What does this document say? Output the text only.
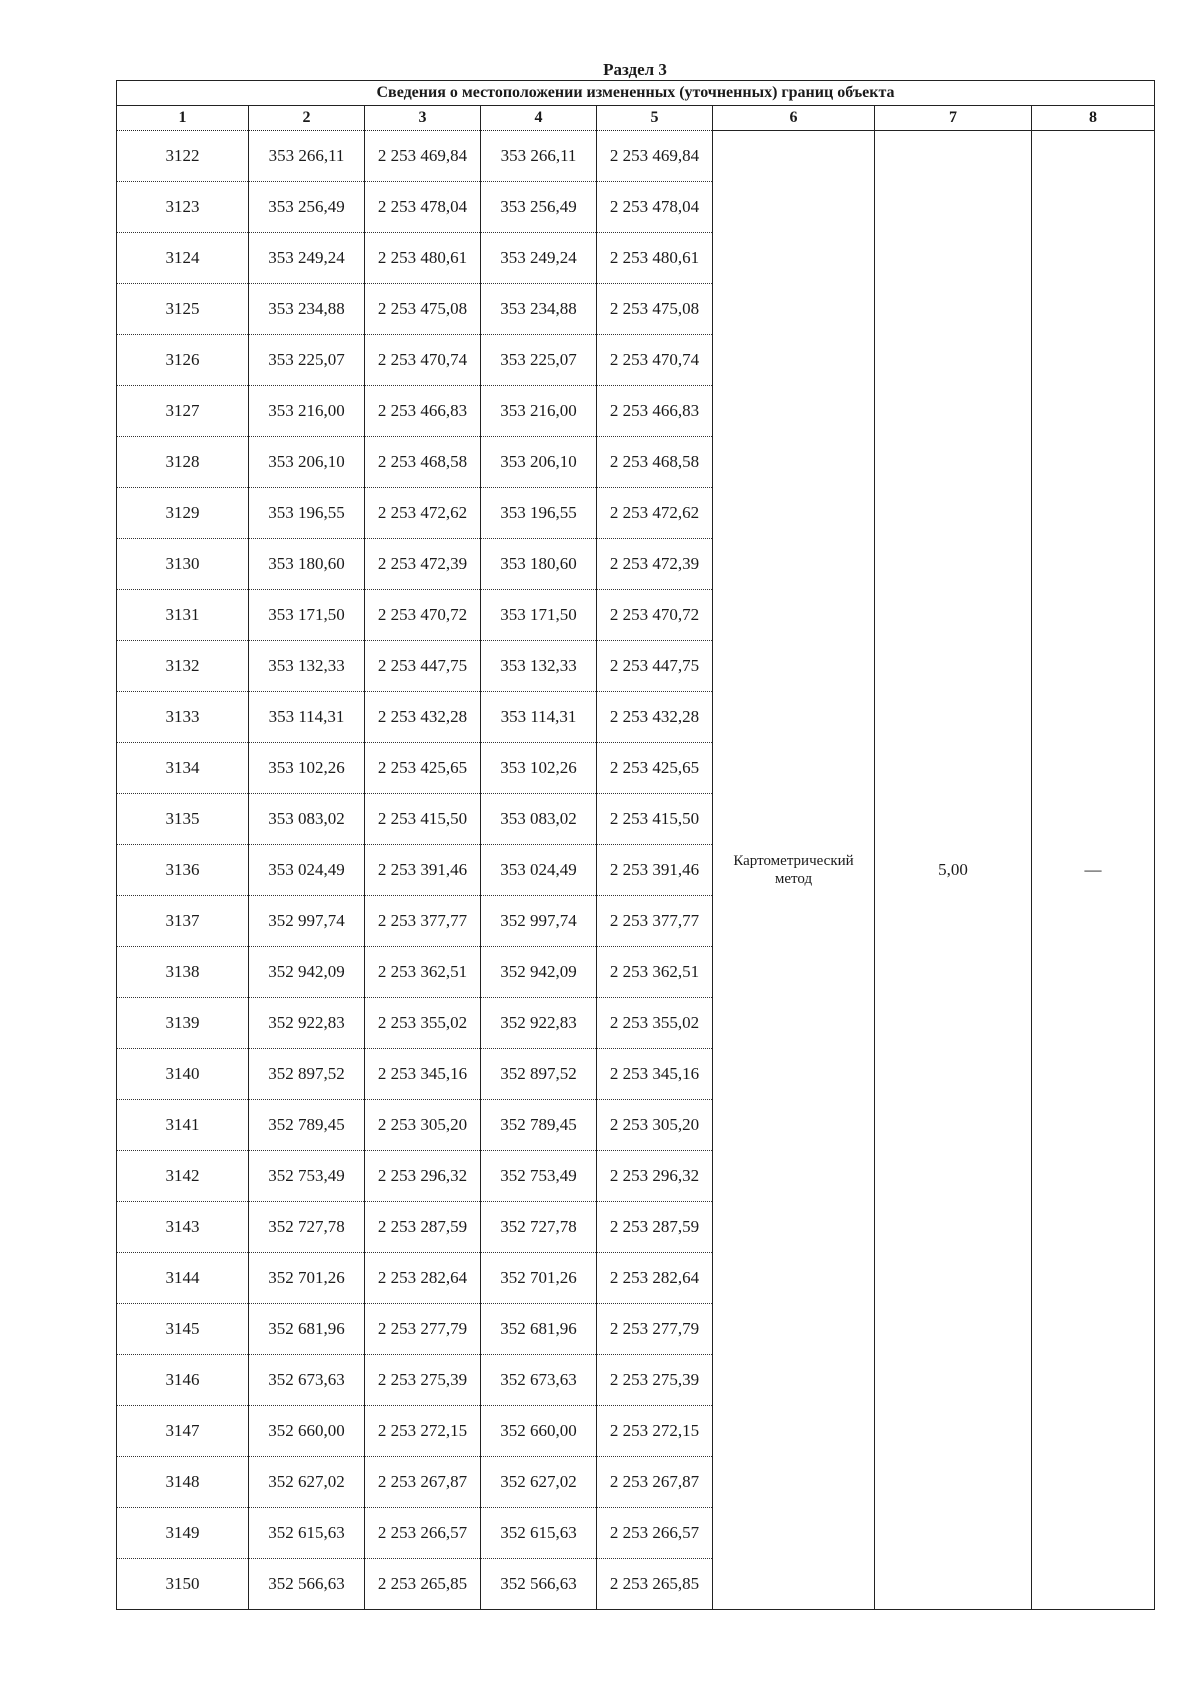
Раздел 3
Сведения о местоположении измененных (уточненных) границ объекта							
1	2	3	4	5	6	7	8
3122	353 266,11	2 253 469,84	353 266,11	2 253 469,84	Картометрический метод	5,00	—
3123	353 256,49	2 253 478,04	353 256,49	2 253 478,04			
3124	353 249,24	2 253 480,61	353 249,24	2 253 480,61			
3125	353 234,88	2 253 475,08	353 234,88	2 253 475,08			
3126	353 225,07	2 253 470,74	353 225,07	2 253 470,74			
3127	353 216,00	2 253 466,83	353 216,00	2 253 466,83			
3128	353 206,10	2 253 468,58	353 206,10	2 253 468,58			
3129	353 196,55	2 253 472,62	353 196,55	2 253 472,62			
3130	353 180,60	2 253 472,39	353 180,60	2 253 472,39			
3131	353 171,50	2 253 470,72	353 171,50	2 253 470,72			
3132	353 132,33	2 253 447,75	353 132,33	2 253 447,75			
3133	353 114,31	2 253 432,28	353 114,31	2 253 432,28			
3134	353 102,26	2 253 425,65	353 102,26	2 253 425,65			
3135	353 083,02	2 253 415,50	353 083,02	2 253 415,50			
3136	353 024,49	2 253 391,46	353 024,49	2 253 391,46			
3137	352 997,74	2 253 377,77	352 997,74	2 253 377,77			
3138	352 942,09	2 253 362,51	352 942,09	2 253 362,51			
3139	352 922,83	2 253 355,02	352 922,83	2 253 355,02			
3140	352 897,52	2 253 345,16	352 897,52	2 253 345,16			
3141	352 789,45	2 253 305,20	352 789,45	2 253 305,20			
3142	352 753,49	2 253 296,32	352 753,49	2 253 296,32			
3143	352 727,78	2 253 287,59	352 727,78	2 253 287,59			
3144	352 701,26	2 253 282,64	352 701,26	2 253 282,64			
3145	352 681,96	2 253 277,79	352 681,96	2 253 277,79			
3146	352 673,63	2 253 275,39	352 673,63	2 253 275,39			
3147	352 660,00	2 253 272,15	352 660,00	2 253 272,15			
3148	352 627,02	2 253 267,87	352 627,02	2 253 267,87			
3149	352 615,63	2 253 266,57	352 615,63	2 253 266,57			
3150	352 566,63	2 253 265,85	352 566,63	2 253 265,85			
